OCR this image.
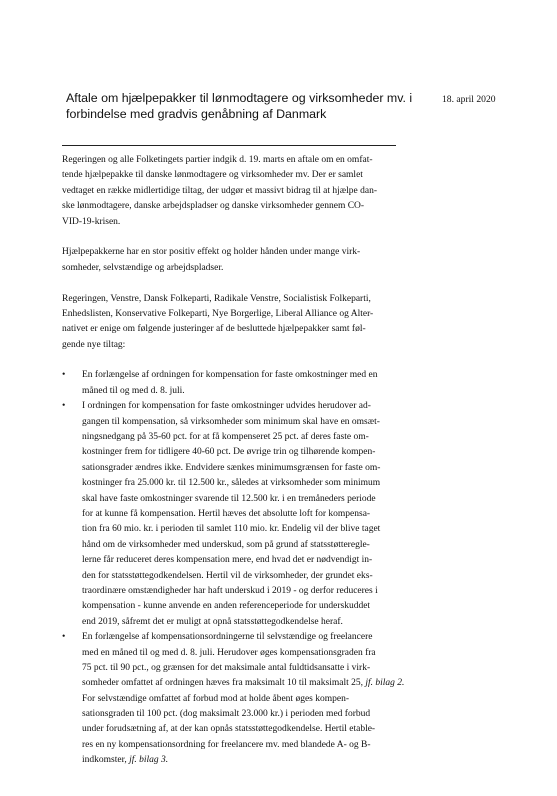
Aftale om hjælpepakker til lønmodtagere og virksomheder mv. i
forbindelse med gradvis genåbning af Danmark
18. april 2020
Regeringen og alle Folketingets partier indgik d. 19. marts en aftale om en omfat-
tende hjælpepakke til danske lønmodtagere og virksomheder mv. Der er samlet
vedtaget en række midlertidige tiltag, der udgør et massivt bidrag til at hjælpe dan-
ske lønmodtagere, danske arbejdspladser og danske virksomheder gennem CO-
VID-19-krisen.
Hjælpepakkerne har en stor positiv effekt og holder hånden under mange virk-
somheder, selvstændige og arbejdspladser.
Regeringen, Venstre, Dansk Folkeparti, Radikale Venstre, Socialistisk Folkeparti,
Enhedslisten, Konservative Folkeparti, Nye Borgerlige, Liberal Alliance og Alter-
nativet er enige om følgende justeringer af de besluttede hjælpepakker samt føl-
gende nye tiltag:
• En forlængelse af ordningen for kompensation for faste omkostninger med en
måned til og med d. 8. juli.
• I ordningen for kompensation for faste omkostninger udvides herudover ad-
gangen til kompensation, så virksomheder som minimum skal have en omsæt-
ningsnedgang på 35-60 pct. for at få kompenseret 25 pct. af deres faste om-
kostninger frem for tidligere 40-60 pct. De øvrige trin og tilhørende kompen-
sationsgrader ændres ikke. Endvidere sænkes minimumsgrænsen for faste om-
kostninger fra 25.000 kr. til 12.500 kr., således at virksomheder som minimum
skal have faste omkostninger svarende til 12.500 kr. i en tremåneders periode
for at kunne få kompensation. Hertil hæves det absolutte loft for kompensa-
tion fra 60 mio. kr. i perioden til samlet 110 mio. kr. Endelig vil der blive taget
hånd om de virksomheder med underskud, som på grund af statsstøtteregle-
lerne får reduceret deres kompensation mere, end hvad det er nødvendigt in-
den for statsstøttegodkendelsen. Hertil vil de virksomheder, der grundet eks-
traordinære omstændigheder har haft underskud i 2019 - og derfor reduceres i
kompensation - kunne anvende en anden referenceperiode for underskuddet
end 2019, såfremt det er muligt at opnå statsstøttegodkendelse heraf.
• En forlængelse af kompensationsordningerne til selvstændige og freelancere
med en måned til og med d. 8. juli. Herudover øges kompensationsgraden fra
75 pct. til 90 pct., og grænsen for det maksimale antal fuldtidsansatte i virk-
somheder omfattet af ordningen hæves fra maksimalt 10 til maksimalt 25, jf. bilag 2.
For selvstændige omfattet af forbud mod at holde åbent øges kompen-
sationsgraden til 100 pct. (dog maksimalt 23.000 kr.) i perioden med forbud
under forudsætning af, at der kan opnås statsstøttegodkendelse. Hertil etable-
res en ny kompensationsordning for freelancere mv. med blandede A- og B-
indkomster, jf. bilag 3.
